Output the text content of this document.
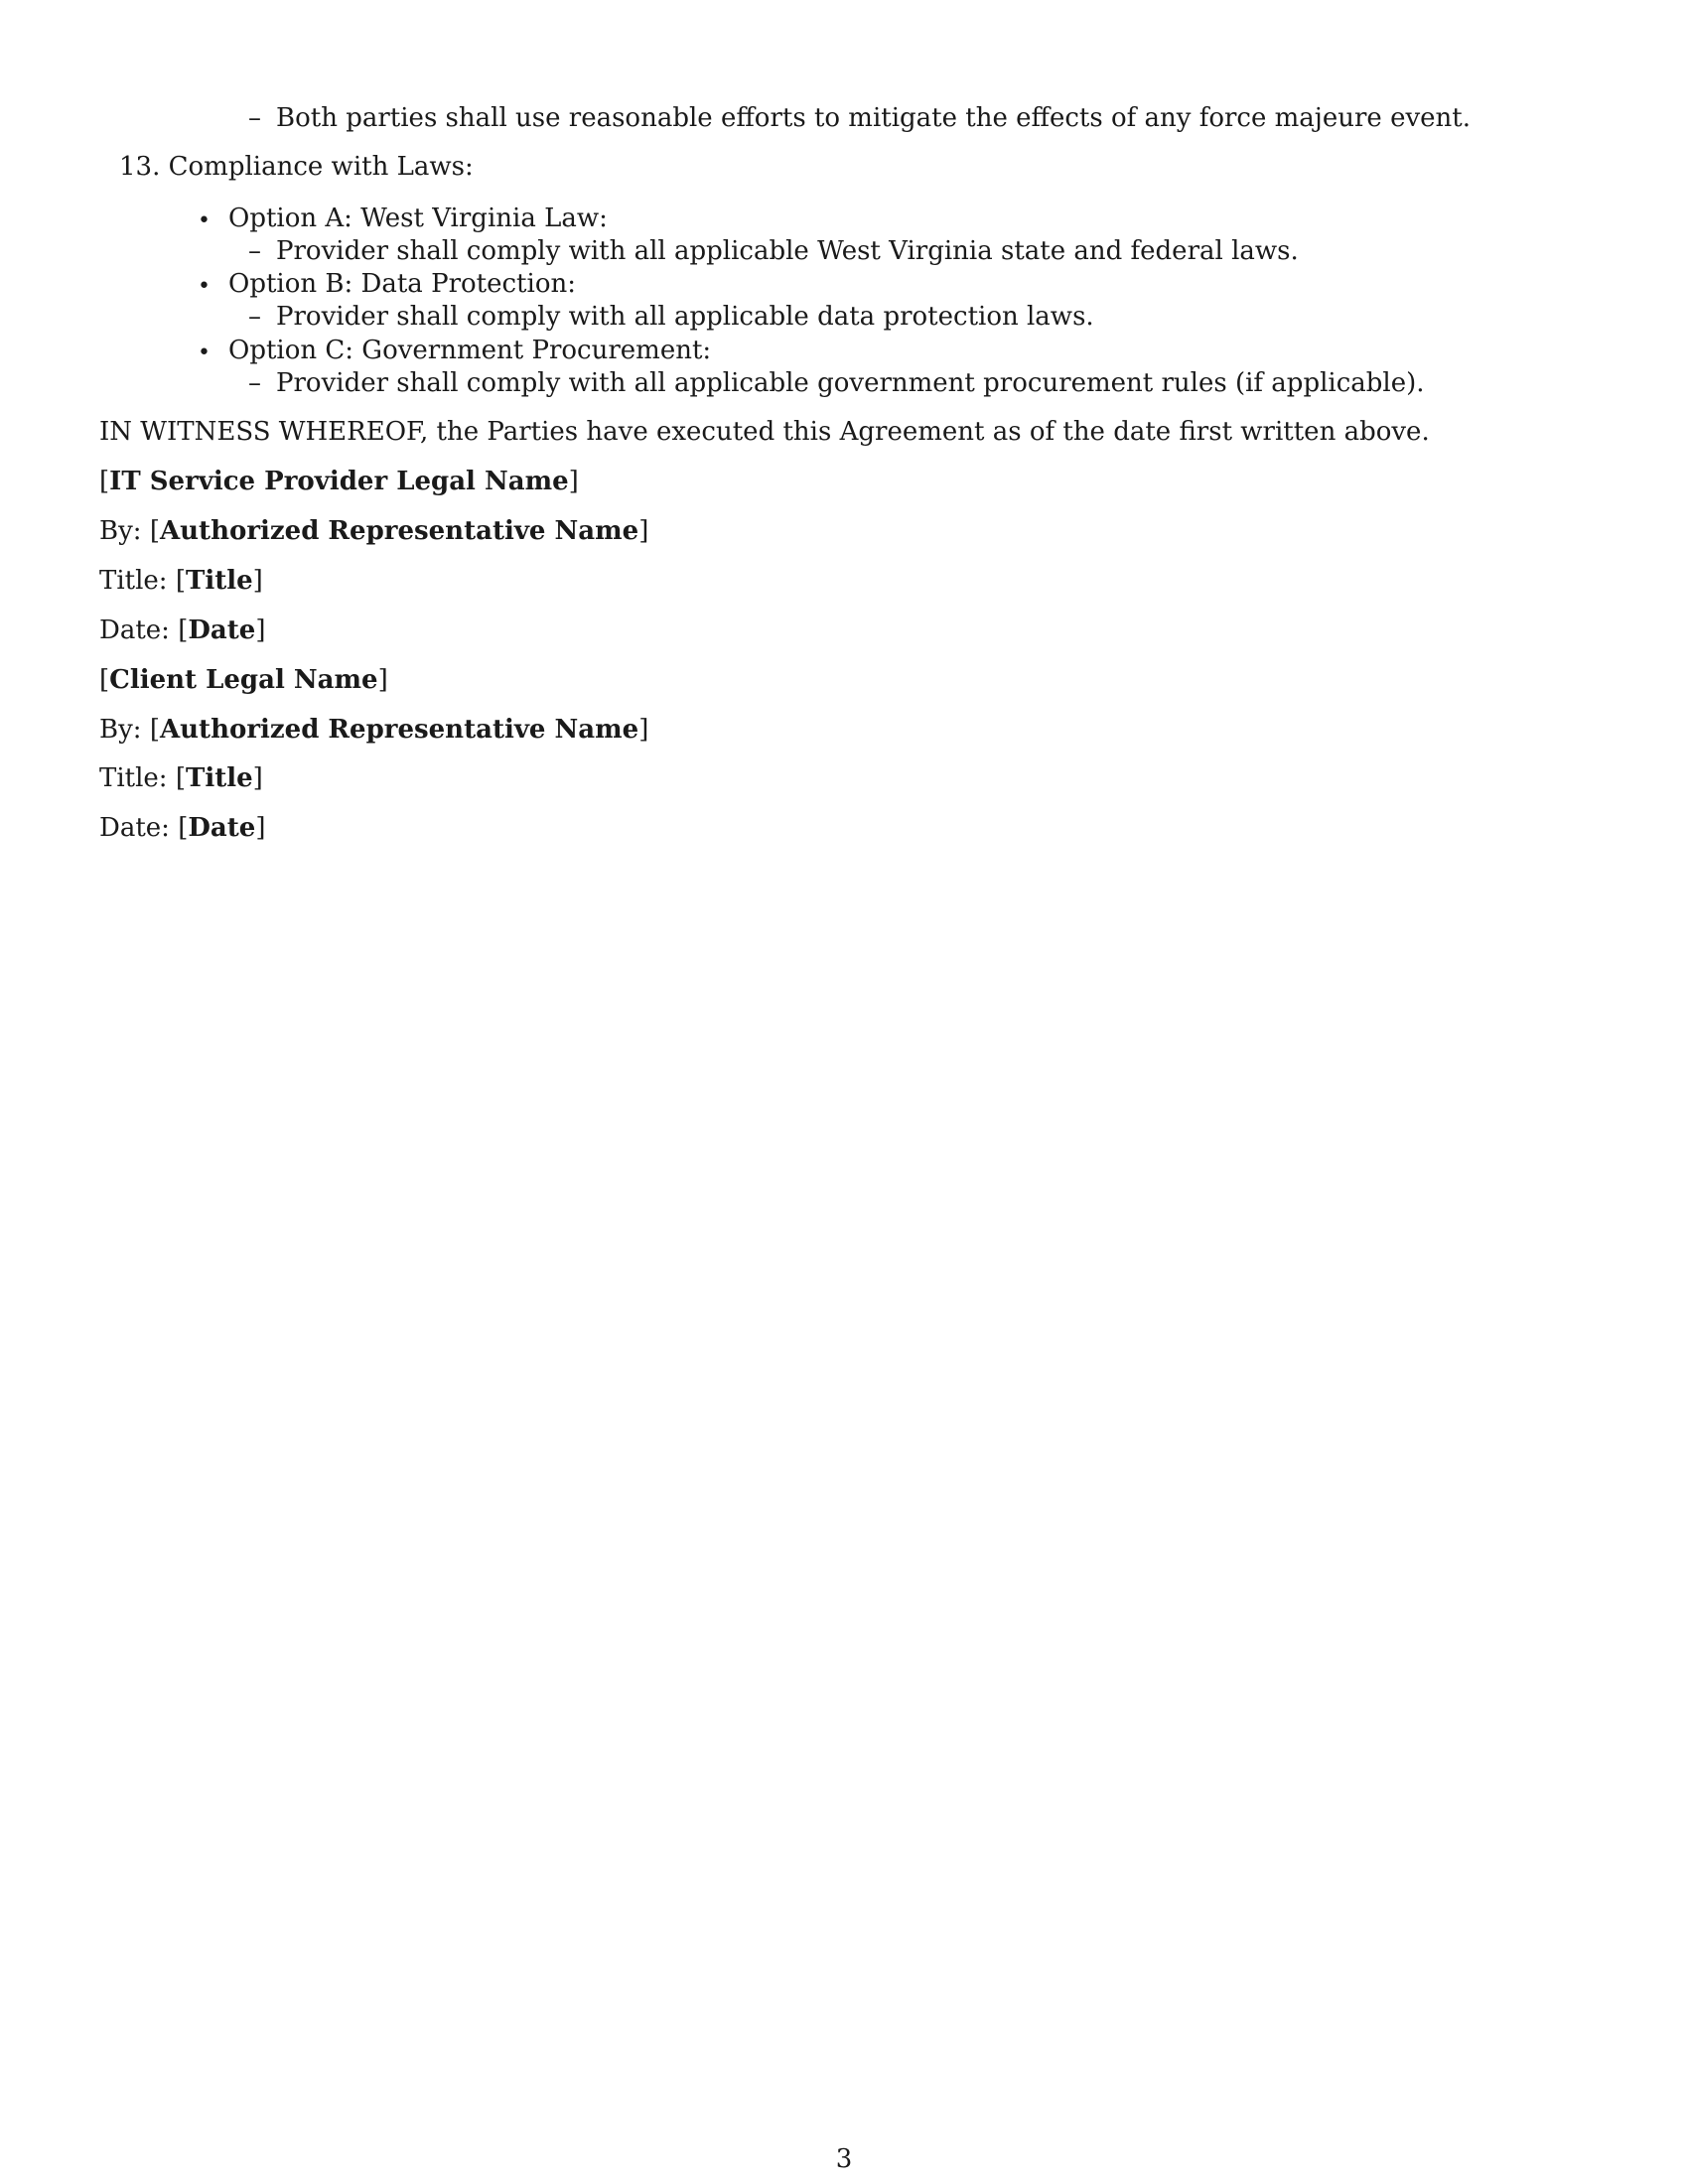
– Both parties shall use reasonable efforts to mitigate the effects of any force majeure event.
13. Compliance with Laws:
• Option A: West Virginia Law:
– Provider shall comply with all applicable West Virginia state and federal laws.
• Option B: Data Protection:
– Provider shall comply with all applicable data protection laws.
• Option C: Government Procurement:
– Provider shall comply with all applicable government procurement rules (if applicable).
IN WITNESS WHEREOF, the Parties have executed this Agreement as of the date first written above.
[IT Service Provider Legal Name]
By: [Authorized Representative Name]
Title: [Title]
Date: [Date]
[Client Legal Name]
By: [Authorized Representative Name]
Title: [Title]
Date: [Date]
3
